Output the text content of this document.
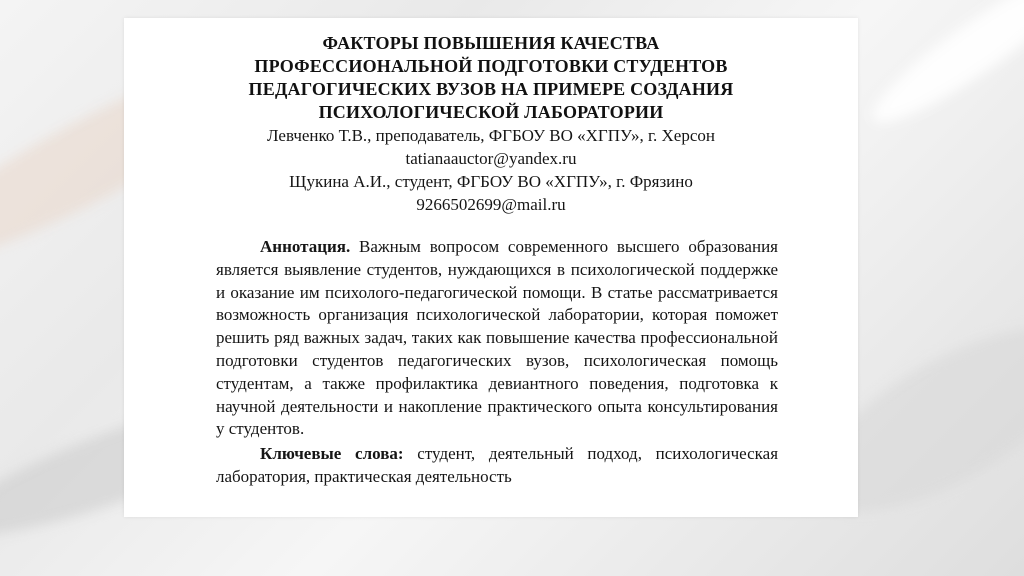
ФАКТОРЫ ПОВЫШЕНИЯ КАЧЕСТВА
ПРОФЕССИОНАЛЬНОЙ ПОДГОТОВКИ СТУДЕНТОВ
ПЕДАГОГИЧЕСКИХ ВУЗОВ НА ПРИМЕРЕ СОЗДАНИЯ
ПСИХОЛОГИЧЕСКОЙ ЛАБОРАТОРИИ
Левченко Т.В., преподаватель, ФГБОУ ВО «ХГПУ», г. Херсон
tatianaauctor@yandex.ru
Щукина А.И., студент, ФГБОУ ВО «ХГПУ», г. Фрязино
9266502699@mail.ru

Аннотация. Важным вопросом современного высшего образования является выявление студентов, нуждающихся в психологической поддержке и оказание им психолого-педагогической помощи. В статье рассматривается возможность организация психологической лаборатории, которая поможет решить ряд важных задач, таких как повышение качества профессиональной подготовки студентов педагогических вузов, психологическая помощь студентам, а также профилактика девиантного поведения, подготовка к научной деятельности и накопление практического опыта консультирования у студентов.

Ключевые слова: студент, деятельный подход, психологическая лаборатория, практическая деятельность
